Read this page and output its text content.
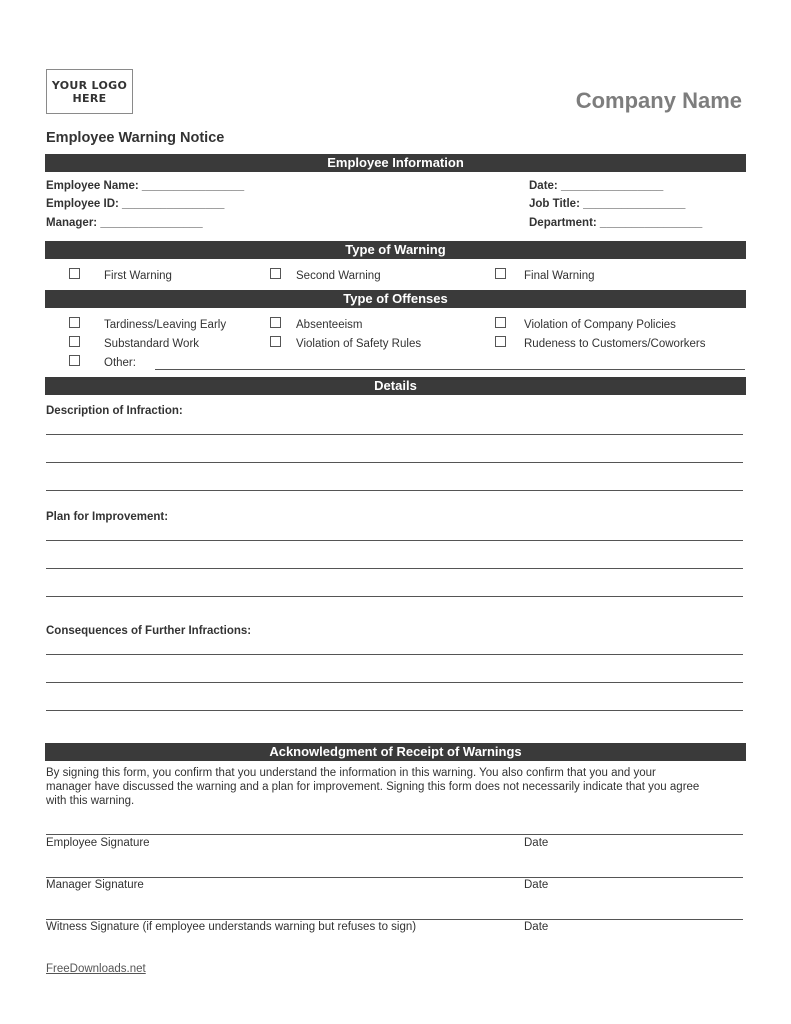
YOUR LOGO
HERE	Company Name
Employee Warning Notice
Employee Information
Employee Name: ________________
Employee ID: ________________
Manager: ________________
Date: ________________
Job Title: ________________
Department: ________________
Type of Warning
First Warning	Second Warning	Final Warning
Type of Offenses
Tardiness/Leaving Early	Absenteeism	Violation of Company Policies
Substandard Work	Violation of Safety Rules	Rudeness to Customers/Coworkers
Other:
Details
Description of Infraction:
Plan for Improvement:
Consequences of Further Infractions:
Acknowledgment of Receipt of Warnings
By signing this form, you confirm that you understand the information in this warning. You also confirm that you and your
manager have discussed the warning and a plan for improvement. Signing this form does not necessarily indicate that you agree
with this warning.
Employee Signature	Date
Manager Signature	Date
Witness Signature (if employee understands warning but refuses to sign)	Date
FreeDownloads.net
